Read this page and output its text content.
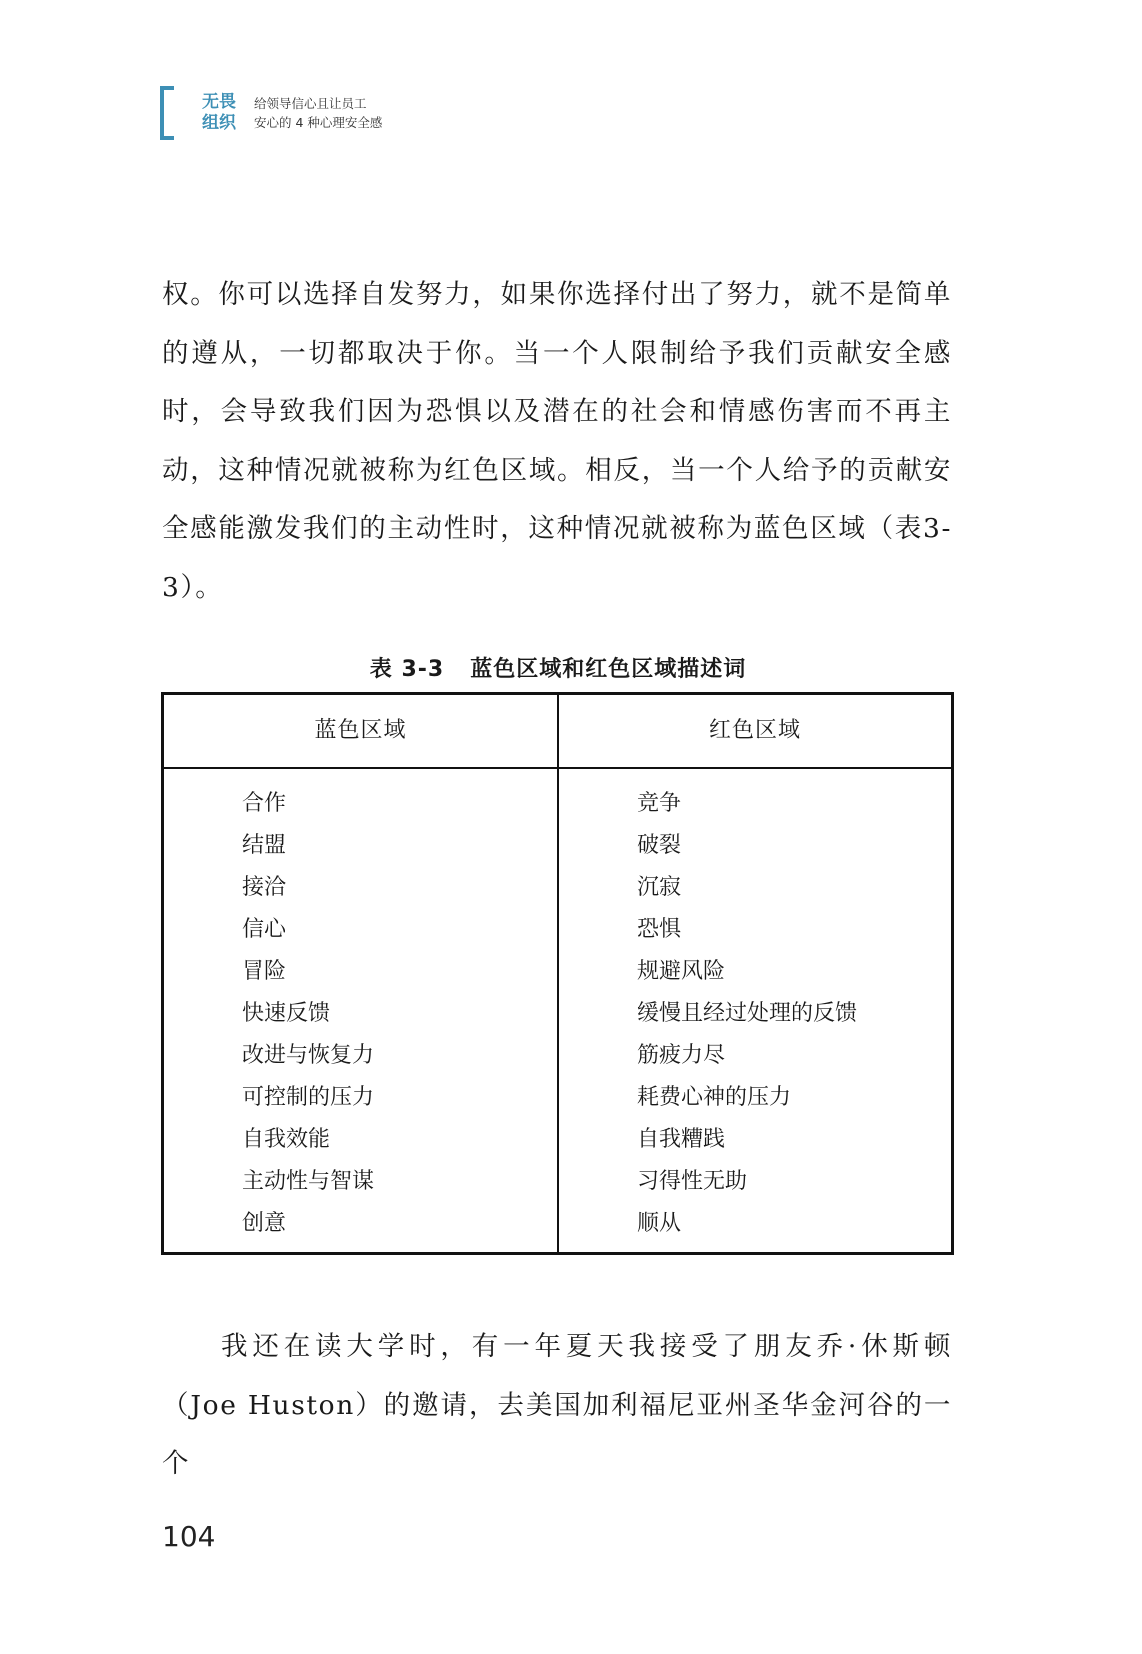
无畏
组织
给领导信心且让员工
安心的 4 种心理安全感
权。你可以选择自发努力，如果你选择付出了努力，就不是简单的遵从，一切都取决于你。当一个人限制给予我们贡献安全感时，会导致我们因为恐惧以及潜在的社会和情感伤害而不再主动，这种情况就被称为红色区域。相反，当一个人给予的贡献安全感能激发我们的主动性时，这种情况就被称为蓝色区域（表3-3）。
表 3-3 蓝色区域和红色区域描述词
蓝色区域	红色区域
合作
结盟
接洽
信心
冒险
快速反馈
改进与恢复力
可控制的压力
自我效能
主动性与智谋
创意
竞争
破裂
沉寂
恐惧
规避风险
缓慢且经过处理的反馈
筋疲力尽
耗费心神的压力
自我糟践
习得性无助
顺从
我还在读大学时，有一年夏天我接受了朋友乔·休斯顿（Joe Huston）的邀请，去美国加利福尼亚州圣华金河谷的一个
104
